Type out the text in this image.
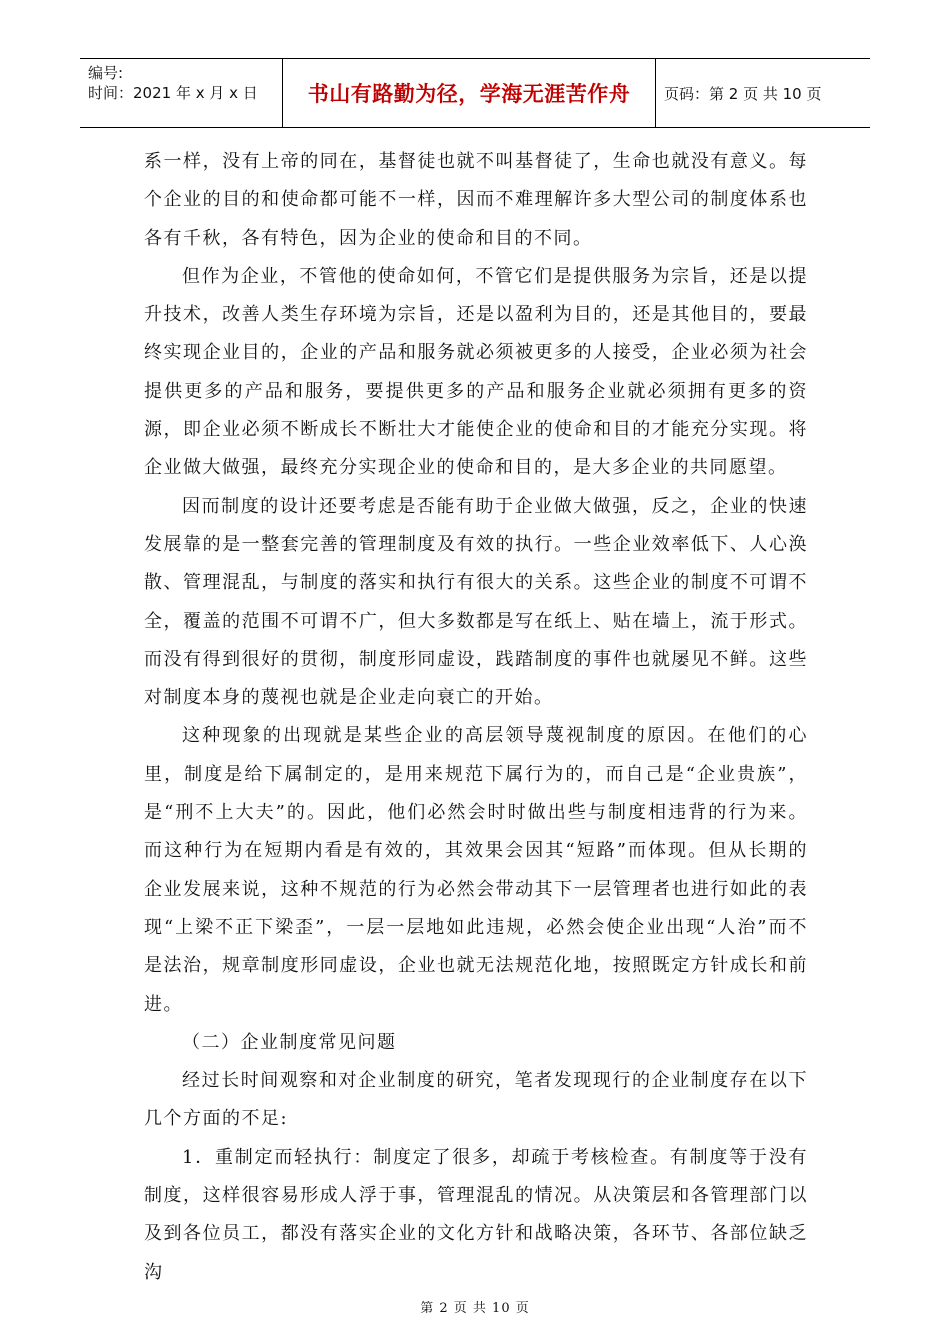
编号:
时间：2021 年 x 月 x 日	书山有路勤为径，学海无涯苦作舟	页码：第 2 页 共 10 页

系一样，没有上帝的同在，基督徒也就不叫基督徒了，生命也就没有意义。每个企业的目的和使命都可能不一样，因而不难理解许多大型公司的制度体系也各有千秋，各有特色，因为企业的使命和目的不同。

但作为企业，不管他的使命如何，不管它们是提供服务为宗旨，还是以提升技术，改善人类生存环境为宗旨，还是以盈利为目的，还是其他目的，要最终实现企业目的，企业的产品和服务就必须被更多的人接受，企业必须为社会提供更多的产品和服务，要提供更多的产品和服务企业就必须拥有更多的资源，即企业必须不断成长不断壮大才能使企业的使命和目的才能充分实现。将企业做大做强，最终充分实现企业的使命和目的，是大多企业的共同愿望。

因而制度的设计还要考虑是否能有助于企业做大做强，反之，企业的快速发展靠的是一整套完善的管理制度及有效的执行。一些企业效率低下、人心涣散、管理混乱，与制度的落实和执行有很大的关系。这些企业的制度不可谓不全，覆盖的范围不可谓不广，但大多数都是写在纸上、贴在墙上，流于形式。而没有得到很好的贯彻，制度形同虚设，践踏制度的事件也就屡见不鲜。这些对制度本身的蔑视也就是企业走向衰亡的开始。

这种现象的出现就是某些企业的高层领导蔑视制度的原因。在他们的心里，制度是给下属制定的，是用来规范下属行为的，而自己是“企业贵族”，是“刑不上大夫”的。因此，他们必然会时时做出些与制度相违背的行为来。而这种行为在短期内看是有效的，其效果会因其“短路”而体现。但从长期的企业发展来说，这种不规范的行为必然会带动其下一层管理者也进行如此的表现“上梁不正下梁歪”，一层一层地如此违规，必然会使企业出现“人治”而不是法治，规章制度形同虚设，企业也就无法规范化地，按照既定方针成长和前进。

（二）企业制度常见问题

经过长时间观察和对企业制度的研究，笔者发现现行的企业制度存在以下几个方面的不足:

1．重制定而轻执行：制度定了很多，却疏于考核检查。有制度等于没有制度，这样很容易形成人浮于事，管理混乱的情况。从决策层和各管理部门以及到各位员工，都没有落实企业的文化方针和战略决策，各环节、各部位缺乏沟

第 2 页 共 10 页
